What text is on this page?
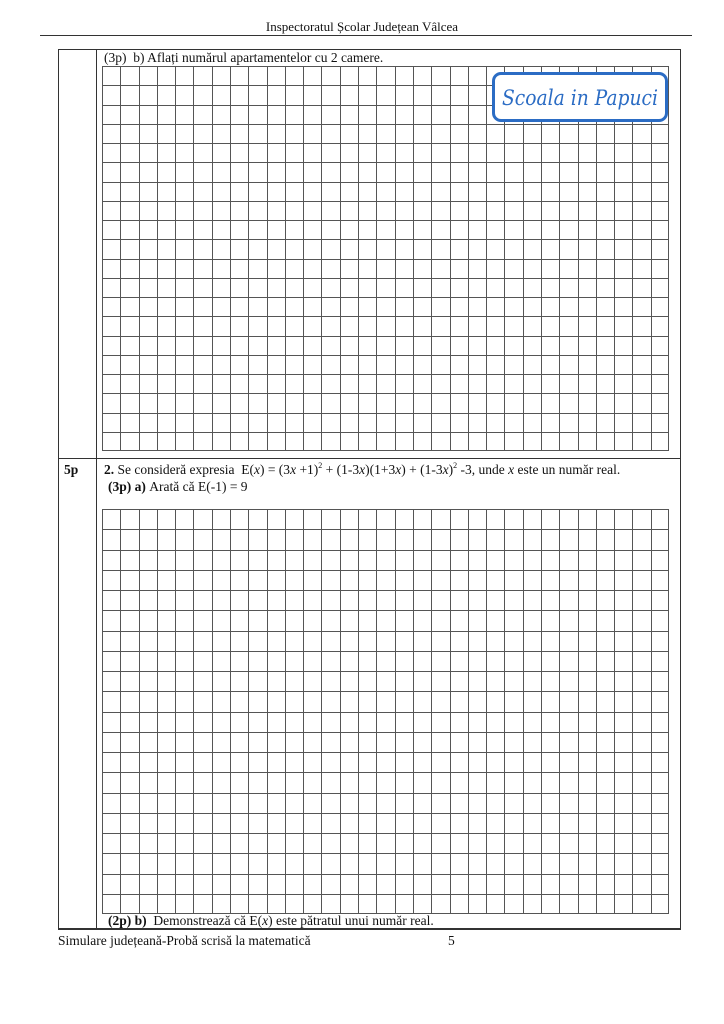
Inspectoratul Școlar Județean Vâlcea
(3p) b) Aflați numărul apartamentelor cu 2 camere.
Scoala in Papuci
5p 2. Se consideră expresia $E(x) = (3x +1)^2 + (1-3x)(1+3x) + (1-3x)^2$ -3, unde x este un număr real.
(3p) a) Arată că E(-1) = 9
(2p) b) Demonstrează că E(x) este pătratul unui număr real.
Simulare județeană-Probă scrisă la matematică	5
